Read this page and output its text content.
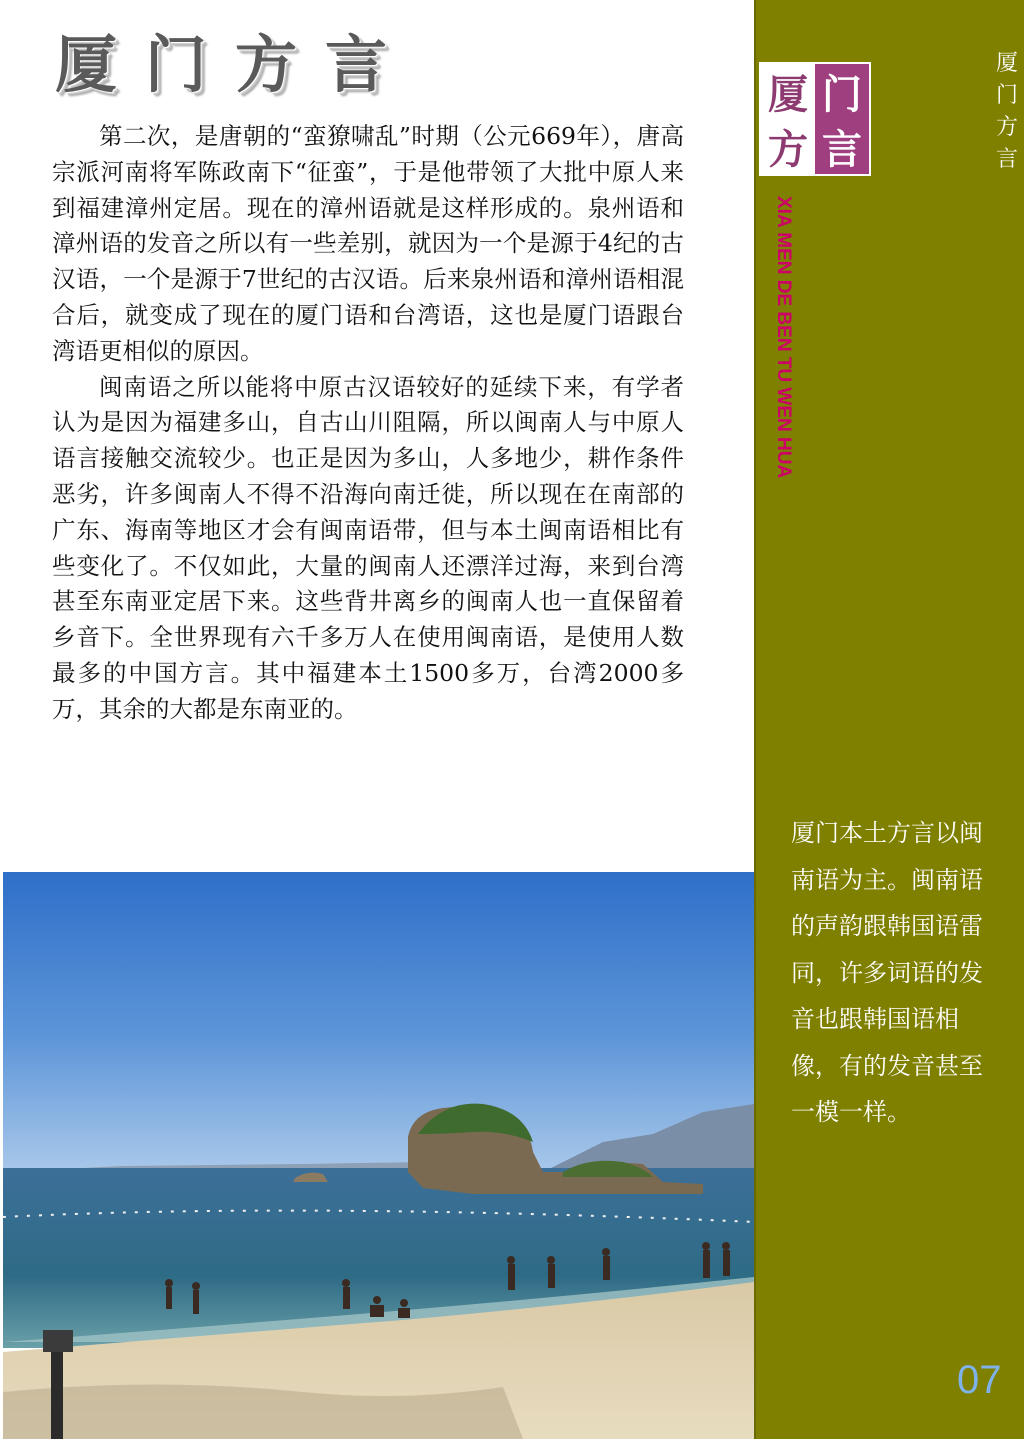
厦门方言

第二次，是唐朝的“蛮獠啸乱”时期（公元669年），唐高宗派河南将军陈政南下“征蛮”，于是他带领了大批中原人来到福建漳州定居。现在的漳州语就是这样形成的。泉州语和漳州语的发音之所以有一些差别，就因为一个是源于4纪的古汉语，一个是源于7世纪的古汉语。后来泉州语和漳州语相混合后，就变成了现在的厦门语和台湾语，这也是厦门语跟台湾语更相似的原因。

闽南语之所以能将中原古汉语较好的延续下来，有学者认为是因为福建多山，自古山川阻隔，所以闽南人与中原人语言接触交流较少。也正是因为多山，人多地少，耕作条件恶劣，许多闽南人不得不沿海向南迁徙，所以现在在南部的广东、海南等地区才会有闽南语带，但与本土闽南语相比有些变化了。不仅如此，大量的闽南人还漂洋过海，来到台湾甚至东南亚定居下来。这些背井离乡的闽南人也一直保留着乡音下。全世界现有六千多万人在使用闽南语，是使用人数最多的中国方言。其中福建本土1500多万，台湾2000多万，其余的大都是东南亚的。

厦
门
方
言
厦 门
方 言
XIA MEN DE BEN TU WEN HUA
厦门本土方言以闽南语为主。闽南语的声韵跟韩国语雷同，许多词语的发音也跟韩国语相像，有的发音甚至一模一样。
07
